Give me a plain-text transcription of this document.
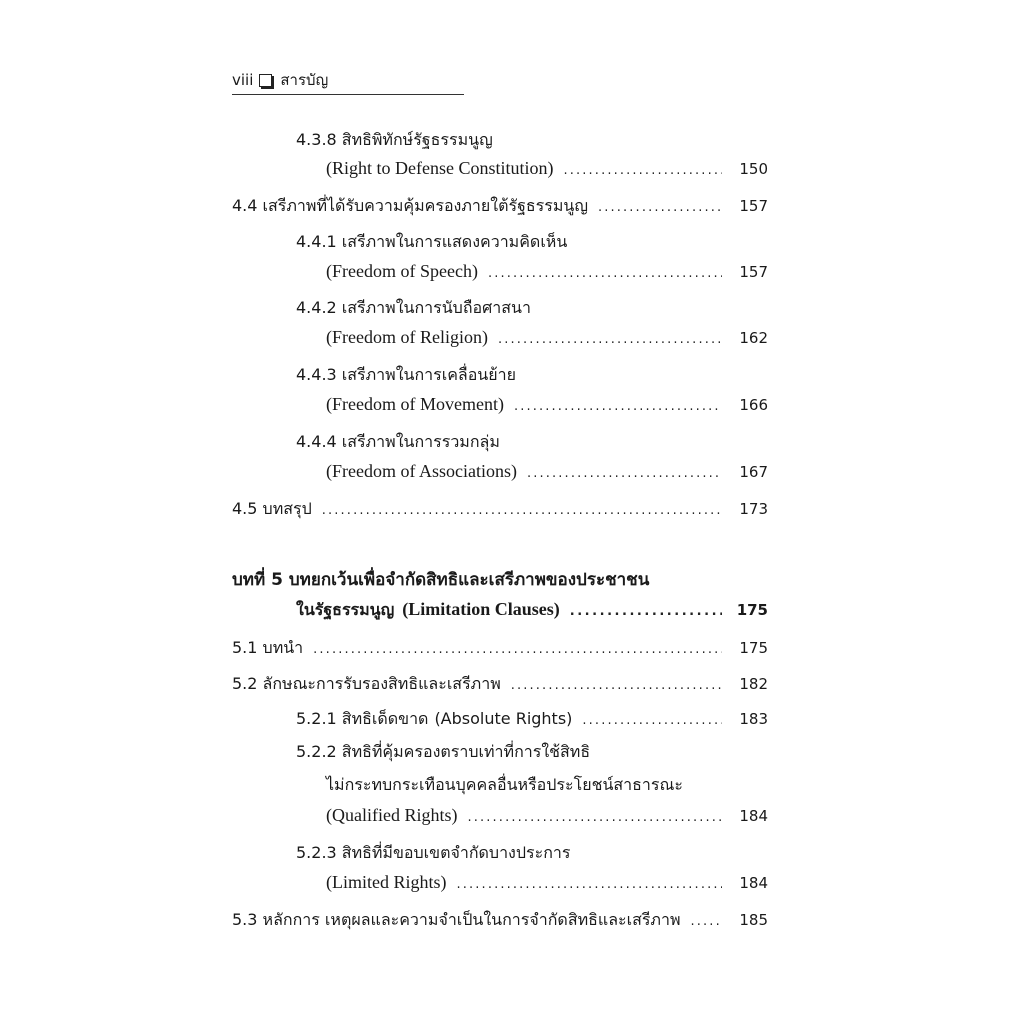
viii สารบัญ
4.3.8 สิทธิพิทักษ์รัฐธรรมนูญ
(Right to Defense Constitution) . . .	150
4.4 เสรีภาพที่ได้รับความคุ้มครองภายใต้รัฐธรรมนูญ . . .	157
4.4.1 เสรีภาพในการแสดงความคิดเห็น
(Freedom of Speech) . . .	157
4.4.2 เสรีภาพในการนับถือศาสนา
(Freedom of Religion) . . .	162
4.4.3 เสรีภาพในการเคลื่อนย้าย
(Freedom of Movement) . . .	166
4.4.4 เสรีภาพในการรวมกลุ่ม
(Freedom of Associations) . . .	167
4.5 บทสรุป . . .	173
บทที่ 5 บทยกเว้นเพื่อจำกัดสิทธิและเสรีภาพของประชาชน
ในรัฐธรรมนูญ (Limitation Clauses) . . .	175
5.1 บทนำ . . .	175
5.2 ลักษณะการรับรองสิทธิและเสรีภาพ . . .	182
5.2.1 สิทธิเด็ดขาด (Absolute Rights) . . .	183
5.2.2 สิทธิที่คุ้มครองตราบเท่าที่การใช้สิทธิ
ไม่กระทบกระเทือนบุคคลอื่นหรือประโยชน์สาธารณะ
(Qualified Rights) . . .	184
5.2.3 สิทธิที่มีขอบเขตจำกัดบางประการ
(Limited Rights) . . .	184
5.3 หลักการ เหตุผลและความจำเป็นในการจำกัดสิทธิและเสรีภาพ . . .	185
